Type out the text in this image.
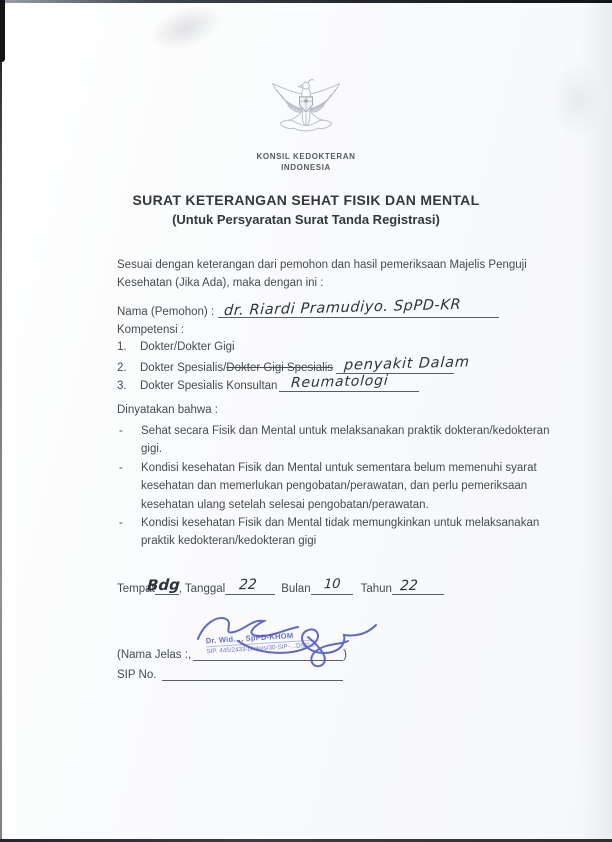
KONSIL KEDOKTERAN
INDONESIA
SURAT KETERANGAN SEHAT FISIK DAN MENTAL
(Untuk Persyaratan Surat Tanda Registrasi)
Sesuai dengan keterangan dari pemohon dan hasil pemeriksaan Majelis Penguji
Kesehatan (Jika Ada), maka dengan ini :
Nama (Pemohon) : dr. Riardi Pramudiyo. SpPD-KR
Kompetensi :
1.	Dokter/Dokter Gigi
2.	Dokter Spesialis/ Dokter Gigi Spesialis penyakit Dalam
3.	Dokter Spesialis Konsultan Reumatologi
Dinyatakan bahwa :
- Sehat secara Fisik dan Mental untuk melaksanakan praktik dokteran/kedokteran
gigi.
- Kondisi kesehatan Fisik dan Mental untuk sementara belum memenuhi syarat
kesehatan dan memerlukan pengobatan/perawatan, dan perlu pemeriksaan
kesehatan ulang setelah selesai pengobatan/perawatan.
- Kondisi kesehatan Fisik dan Mental tidak memungkinkan untuk melaksanakan
praktik kedokteran/kedokteran gigi
Tempat
Bdg
, Tanggal 22 Bulan 10 Tahun 22
Dr. Wid…, SpPD-KHOM
SIP. 445/2433-Dinkes/30-SIP-…DSP…
(Nama Jelas :,	)
SIP No.
